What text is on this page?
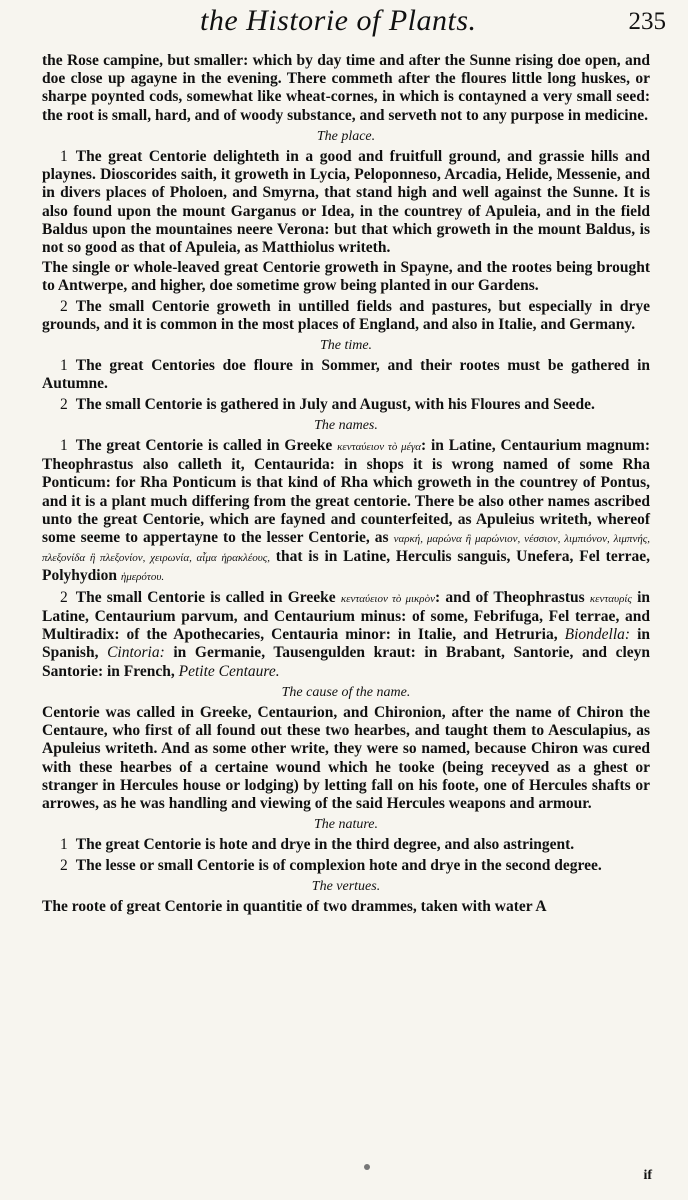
the Historie of Plants.	235

the Rose campine, but smaller: which by day time and after the Sunne rising doe open, and doe close up agayne in the evening. There commeth after the floures little long huskes, or sharpe poynted cods, somewhat like wheat-cornes, in which is contayned a very small seed: the root is small, hard, and of woody substance, and serveth not to any purpose in medicine.

The place.

1 The great Centorie delighteth in a good and fruitfull ground, and grassie hills and playnes. Dioscorides saith, it groweth in Lycia, Peloponneso, Arcadia, Helide, Messenie, and in divers places of Pholoen, and Smyrna, that stand high and well against the Sunne. It is also found upon the mount Garganus or Idea, in the countrey of Apuleia, and in the field Baldus upon the mountaines neere Verona: but that which groweth in the mount Baldus, is not so good as that of Apuleia, as Matthiolus writeth.

The single or whole-leaved great Centorie groweth in Spayne, and the rootes being brought to Antwerpe, and higher, doe sometime grow being planted in our Gardens.

2 The small Centorie groweth in untilled fields and pastures, but especially in drye grounds, and it is common in the most places of England, and also in Italie, and Germany.

The time.

1 The great Centories doe floure in Sommer, and their rootes must be gathered in Autumne.

2 The small Centorie is gathered in July and August, with his Floures and Seede.

The names.

1 The great Centorie is called in Greeke κενταύειον τὸ μέγα: in Latine, Centaurium magnum: Theophrastus also calleth it, Centaurida: in shops it is wrong named of some Rha Ponticum: for Rha Ponticum is that kind of Rha which groweth in the countrey of Pontus, and it is a plant much differing from the great centorie. There be also other names ascribed unto the great Centorie, which are fayned and counterfeited, as Apuleius writeth, whereof some seeme to appertayne to the lesser Centorie, as ναρκή, μαρώνα ἢ μαρώνιον, νέσσιον, λιμπιόνον, λιμπνής, πλεξονίδα ἢ πλεξονίον, χειρωνία, αἷμα ἡρακλέους, that is in Latine, Herculis sanguis, Unefera, Fel terrae, Polyhydion ἡμερότου.

2 The small Centorie is called in Greeke κενταύειον τὸ μικρὸν: and of Theophrastus κενταυρίς in Latine, Centaurium parvum, and Centaurium minus: of some, Febrifuga, Fel terrae, and Multiradix: of the Apothecaries, Centauria minor: in Italie, and Hetruria, Biondella: in Spanish, Cintoria: in Germanie, Tausengulden kraut: in Brabant, Santorie, and cleyn Santorie: in French, Petite Centaure.

The cause of the name.

Centorie was called in Greeke, Centaurion, and Chironion, after the name of Chiron the Centaure, who first of all found out these two hearbes, and taught them to Aesculapius, as Apuleius writeth. And as some other write, they were so named, because Chiron was cured with these hearbes of a certaine wound which he tooke (being receyved as a ghest or stranger in Hercules house or lodging) by letting fall on his foote, one of Hercules shafts or arrowes, as he was handling and viewing of the said Hercules weapons and armour.

The nature.

1 The great Centorie is hote and drye in the third degree, and also astringent.

2 The lesse or small Centorie is of complexion hote and drye in the second degree.

The vertues.

The roote of great Centorie in quantitie of two drammes, taken with water A

if
